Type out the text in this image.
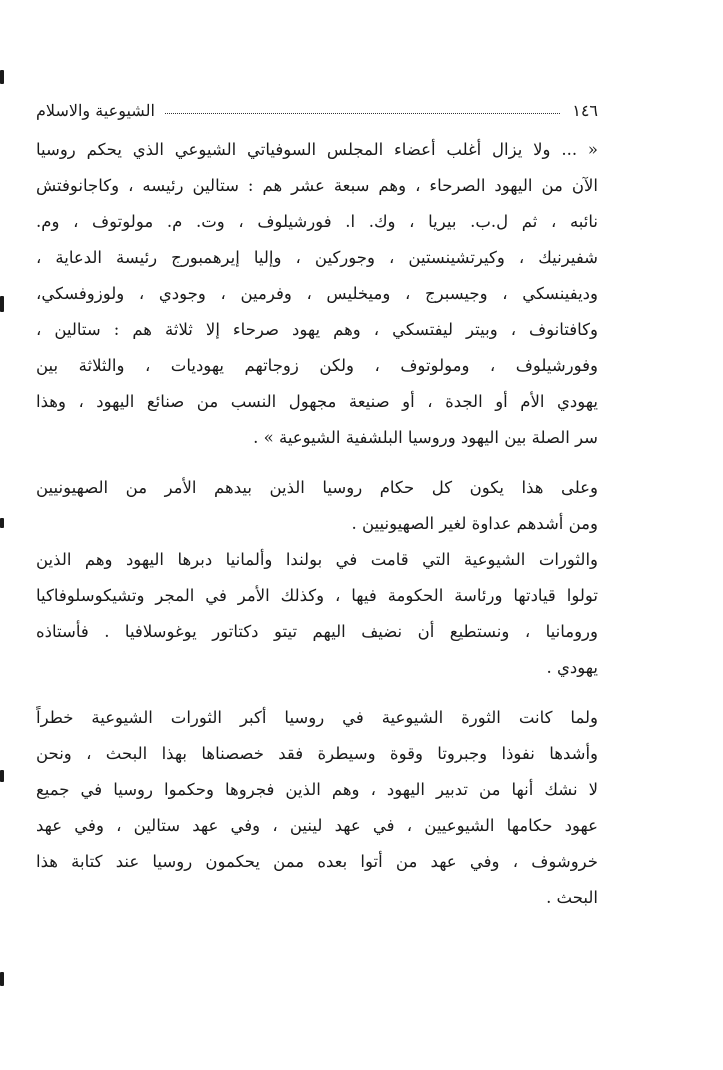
١٤٦
الشيوعية والاسلام
« ... ولا يزال أغلب أعضاء المجلس السوفياتي الشيوعي الذي يحكم روسيا
الآن من اليهود الصرحاء ، وهم سبعة عشر هم : ستالين رئيسه ، وكاجانوفتش
نائبه ، ثم ل.ب. بيريا ، وك. ا. فورشيلوف ، وت. م. مولوتوف ، وم.
شفيرنيك ، وكيرتشينستين ، وجوركين ، وإليا إيرهمبورج رئيسة الدعاية ،
وديفينسكي ، وجيسبرج ، وميخليس ، وفرمين ، وجودي ، ولوزوفسكي،
وكافتانوف ، وبيتر ليفتسكي ، وهم يهود صرحاء إلا ثلاثة هم : ستالين ،
وفورشيلوف ، ومولوتوف ، ولكن زوجاتهم يهوديات ، والثلاثة بين
يهودي الأم أو الجدة ، أو صنيعة مجهول النسب من صنائع اليهود ، وهذا
سر الصلة بين اليهود وروسيا البلشفية الشيوعية » .
وعلى هذا يكون كل حكام روسيا الذين بيدهم الأمر من الصهيونيين
ومن أشدهم عداوة لغير الصهيونيين .
والثورات الشيوعية التي قامت في بولندا وألمانيا دبرها اليهود وهم الذين
تولوا قيادتها ورئاسة الحكومة فيها ، وكذلك الأمر في المجر وتشيكوسلوفاكيا
ورومانيا ، ونستطيع أن نضيف اليهم تيتو دكتاتور يوغوسلافيا . فأستاذه
يهودي .
ولما كانت الثورة الشيوعية في روسيا أكبر الثورات الشيوعية خطراً
وأشدها نفوذا وجبروتا وقوة وسيطرة فقد خصصناها بهذا البحث ، ونحن
لا نشك أنها من تدبير اليهود ، وهم الذين فجروها وحكموا روسيا في جميع
عهود حكامها الشيوعيين ، في عهد لينين ، وفي عهد ستالين ، وفي عهد
خروشوف ، وفي عهد من أتوا بعده ممن يحكمون روسيا عند كتابة هذا
البحث .
